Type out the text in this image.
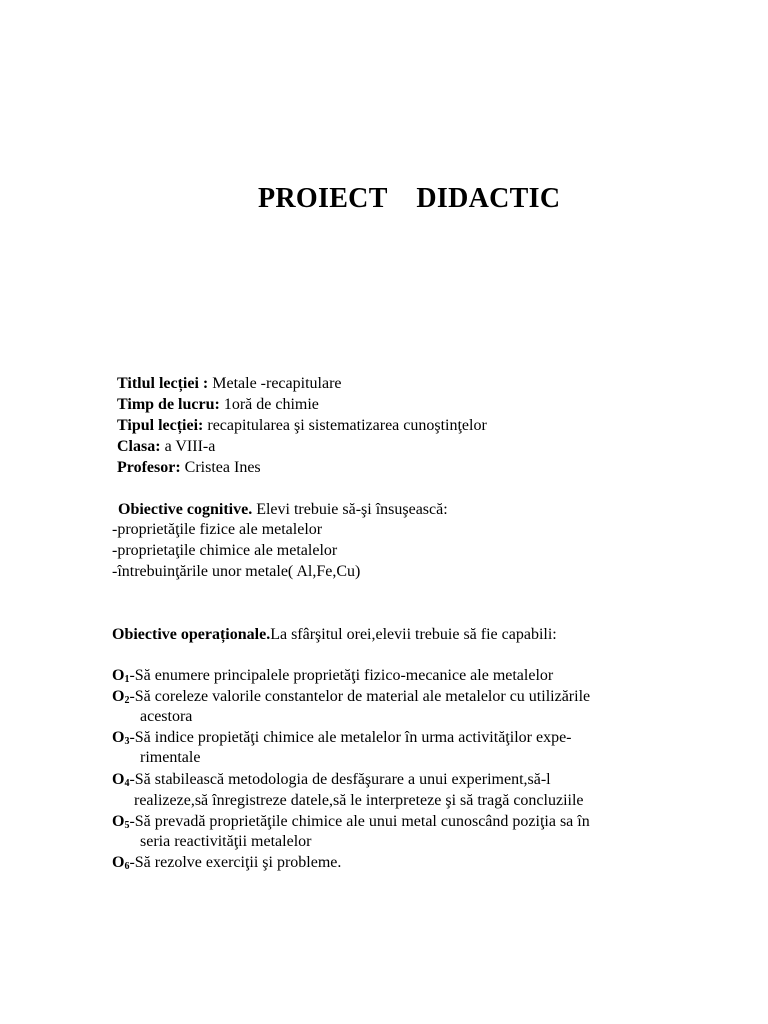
PROIECT    DIDACTIC
Titlul lecției : Metale -recapitulare
Timp de lucru: 1oră de chimie
Tipul lecției: recapitularea şi sistematizarea cunoştinţelor
Clasa: a VIII-a
Profesor: Cristea Ines
Obiective cognitive. Elevi trebuie să-şi însuşească:
-proprietăţile fizice ale metalelor
-proprietaţile chimice ale metalelor
-întrebuinţările unor metale( Al,Fe,Cu)
Obiective operaționale.La sfârşitul orei,elevii trebuie să fie capabili:
$O_1-Să$ enumere principalele proprietăţi fizico-mecanice ale metalelor
$O_2-Să$ coreleze valorile constantelor de material ale metalelor cu utilizările
acestora
$O_3-Să$ indice propietăţi chimice ale metalelor în urma activităţilor expe-
rimentale
$O_4-Să$ stabilească metodologia de desfăşurare a unui experiment,să-l
realizeze,să înregistreze datele,să le interpreteze şi să tragă concluziile
$O_5-Să$ prevadă proprietăţile chimice ale unui metal cunoscând poziţia sa în
seria reactivităţii metalelor
$O_6-Să$ rezolve exerciţii şi probleme.
